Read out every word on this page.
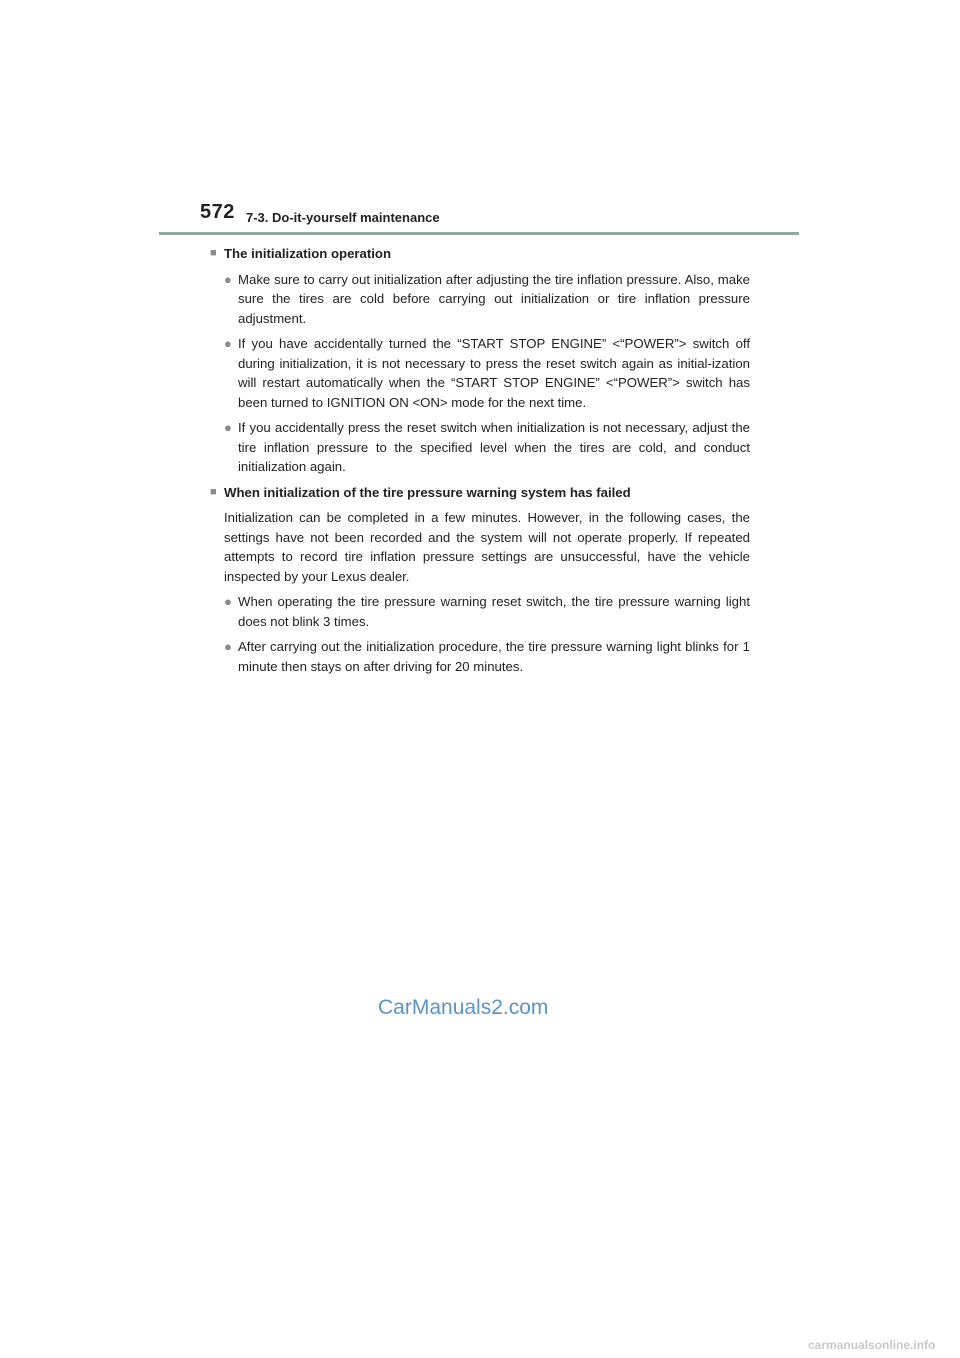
572 7-3. Do-it-yourself maintenance
■ The initialization operation
● Make sure to carry out initialization after adjusting the tire inflation pressure. Also, make sure the tires are cold before carrying out initialization or tire inflation pressure adjustment.
● If you have accidentally turned the “START STOP ENGINE” <“POWER”> switch off during initialization, it is not necessary to press the reset switch again as initial-ization will restart automatically when the “START STOP ENGINE” <“POWER”> switch has been turned to IGNITION ON <ON> mode for the next time.
● If you accidentally press the reset switch when initialization is not necessary, adjust the tire inflation pressure to the specified level when the tires are cold, and conduct initialization again.
■ When initialization of the tire pressure warning system has failed
Initialization can be completed in a few minutes. However, in the following cases, the settings have not been recorded and the system will not operate properly. If repeated attempts to record tire inflation pressure settings are unsuccessful, have the vehicle inspected by your Lexus dealer.
● When operating the tire pressure warning reset switch, the tire pressure warning light does not blink 3 times.
● After carrying out the initialization procedure, the tire pressure warning light blinks for 1 minute then stays on after driving for 20 minutes.
CarManuals2.com
carmanualsonline.info
